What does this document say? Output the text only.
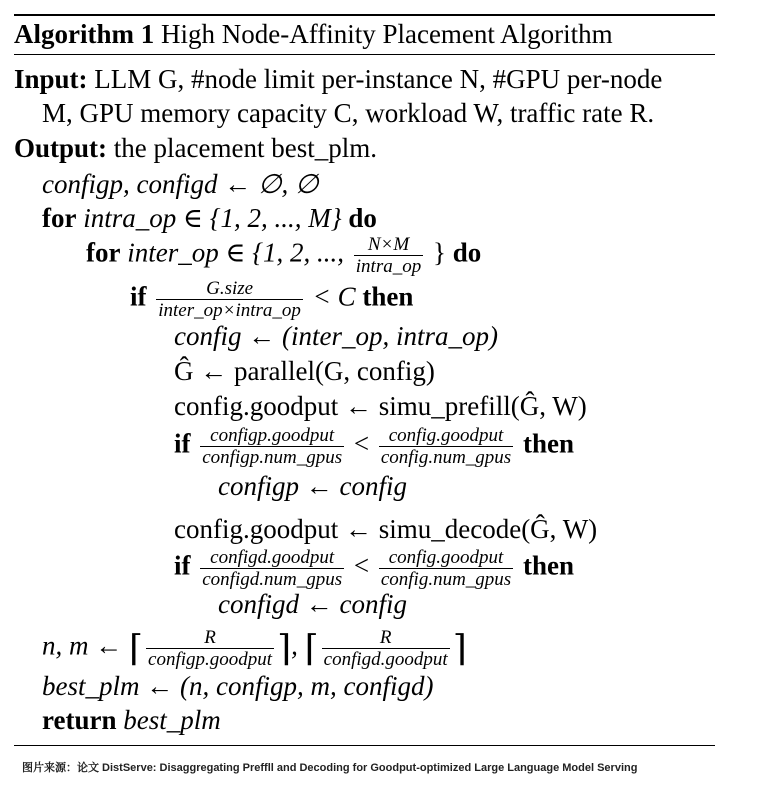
Algorithm 1 High Node-Affinity Placement Algorithm
Input: LLM G, #node limit per-instance N, #GPU per-node
M, GPU memory capacity C, workload W, traffic rate R.
Output: the placement best_plm.
configp, configd ← ∅, ∅
for intra_op ∈ {1, 2, ..., M} do
for inter_op ∈ {1, 2, ..., $\frac{N\times M}{\text{intra\_op}}$ } do
if $\frac{\text{G.size}}{\text{inter\_op×intra\_op}} < C$ then
config ← (inter_op, intra_op)
Ĝ ← parallel(G, config)
config.goodput ← simu_prefill(Ĝ, W)
if $\frac{\text{configp.goodput}}{\text{configp.num\_gpus}} < \frac{\text{config.goodput}}{\text{config.num\_gpus}}$ then
configp ← config
config.goodput ← simu_decode(Ĝ, W)
if $\frac{\text{configd.goodput}}{\text{configd.num\_gpus}} < \frac{\text{config.goodput}}{\text{config.num\_gpus}}$ then
configd ← config
n, m ← ⌈ $\frac{R}{\text{configp.goodput}}$ ⌉, ⌈ $\frac{R}{\text{configd.goodput}}$ ⌉
best_plm ← (n, configp, m, configd)
return best_plm
图片来源：论文 DistServe: Disaggregating Preffll and Decoding for Goodput-optimized Large Language Model Serving
